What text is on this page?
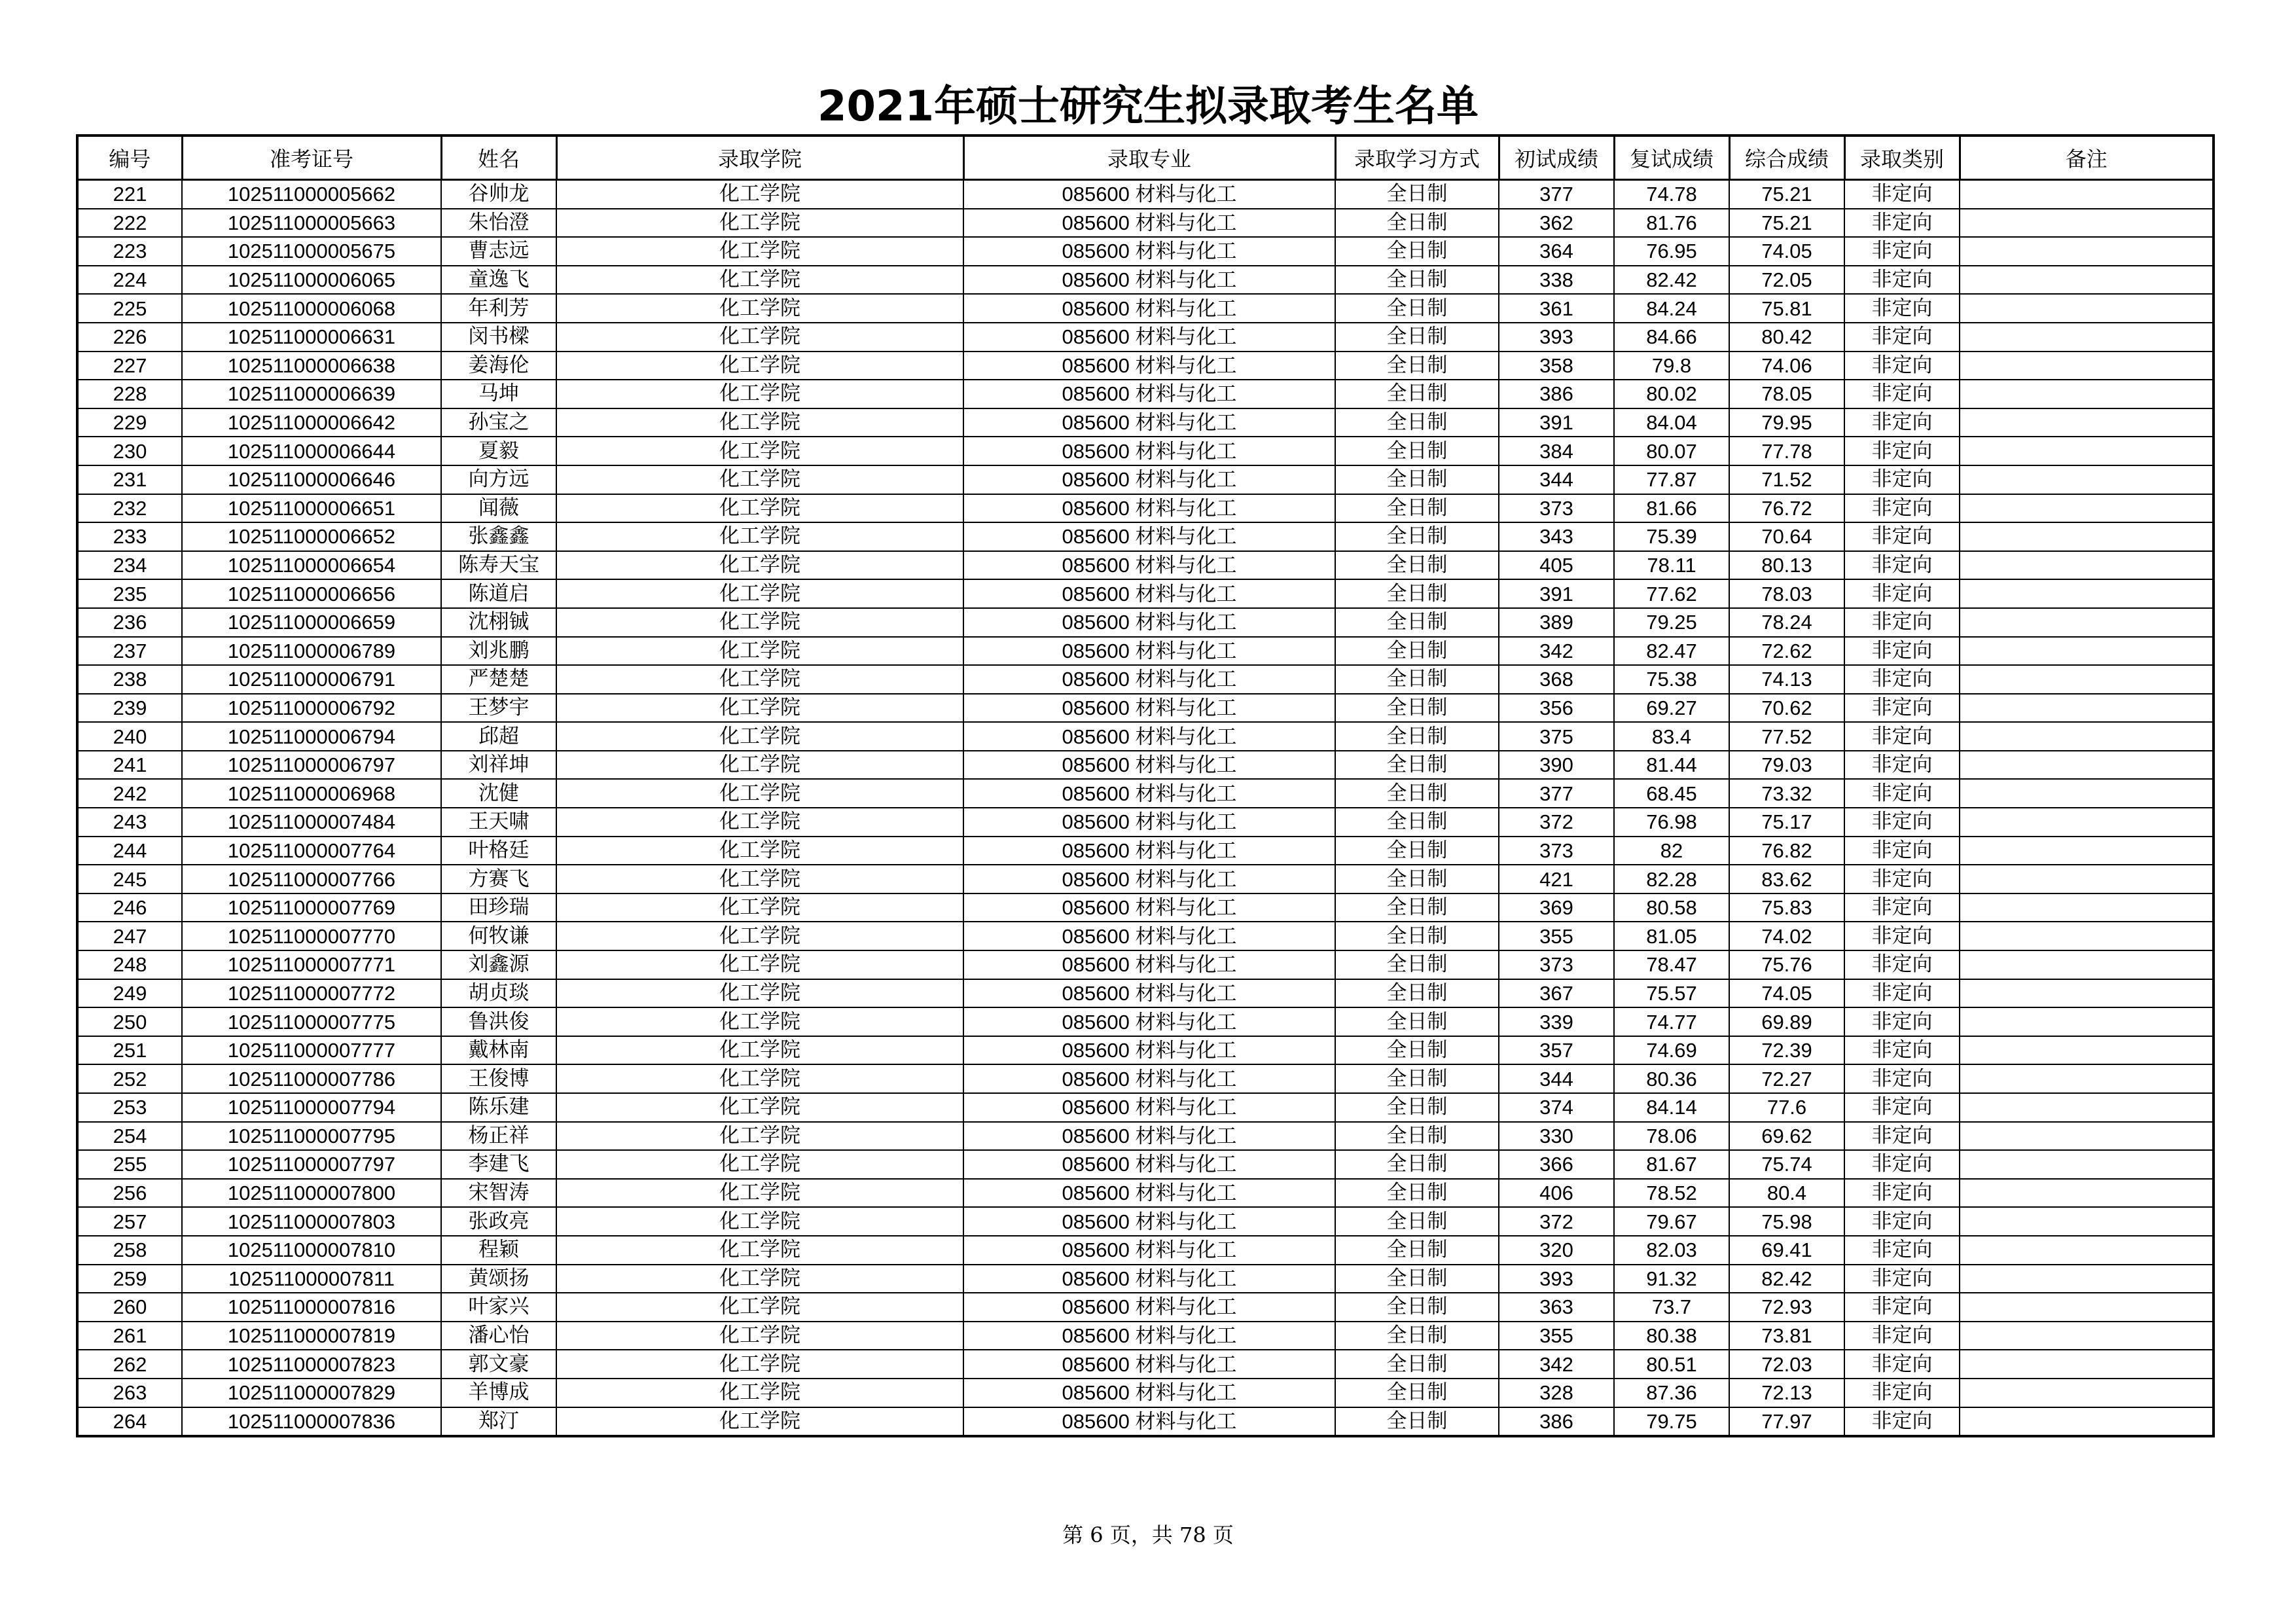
2021年硕士研究生拟录取考生名单
编号	准考证号	姓名	录取学院	录取专业	录取学习方式	初试成绩	复试成绩	综合成绩	录取类别	备注
221	102511000005662	谷帅龙	化工学院	085600 材料与化工	全日制	377	74.78	75.21	非定向	
222	102511000005663	朱怡澄	化工学院	085600 材料与化工	全日制	362	81.76	75.21	非定向	
223	102511000005675	曹志远	化工学院	085600 材料与化工	全日制	364	76.95	74.05	非定向	
224	102511000006065	童逸飞	化工学院	085600 材料与化工	全日制	338	82.42	72.05	非定向	
225	102511000006068	年利芳	化工学院	085600 材料与化工	全日制	361	84.24	75.81	非定向	
226	102511000006631	闵书樑	化工学院	085600 材料与化工	全日制	393	84.66	80.42	非定向	
227	102511000006638	姜海伦	化工学院	085600 材料与化工	全日制	358	79.8	74.06	非定向	
228	102511000006639	马坤	化工学院	085600 材料与化工	全日制	386	80.02	78.05	非定向	
229	102511000006642	孙宝之	化工学院	085600 材料与化工	全日制	391	84.04	79.95	非定向	
230	102511000006644	夏毅	化工学院	085600 材料与化工	全日制	384	80.07	77.78	非定向	
231	102511000006646	向方远	化工学院	085600 材料与化工	全日制	344	77.87	71.52	非定向	
232	102511000006651	闻薇	化工学院	085600 材料与化工	全日制	373	81.66	76.72	非定向	
233	102511000006652	张鑫鑫	化工学院	085600 材料与化工	全日制	343	75.39	70.64	非定向	
234	102511000006654	陈寿天宝	化工学院	085600 材料与化工	全日制	405	78.11	80.13	非定向	
235	102511000006656	陈道启	化工学院	085600 材料与化工	全日制	391	77.62	78.03	非定向	
236	102511000006659	沈栩铖	化工学院	085600 材料与化工	全日制	389	79.25	78.24	非定向	
237	102511000006789	刘兆鹏	化工学院	085600 材料与化工	全日制	342	82.47	72.62	非定向	
238	102511000006791	严楚楚	化工学院	085600 材料与化工	全日制	368	75.38	74.13	非定向	
239	102511000006792	王梦宇	化工学院	085600 材料与化工	全日制	356	69.27	70.62	非定向	
240	102511000006794	邱超	化工学院	085600 材料与化工	全日制	375	83.4	77.52	非定向	
241	102511000006797	刘祥坤	化工学院	085600 材料与化工	全日制	390	81.44	79.03	非定向	
242	102511000006968	沈健	化工学院	085600 材料与化工	全日制	377	68.45	73.32	非定向	
243	102511000007484	王天啸	化工学院	085600 材料与化工	全日制	372	76.98	75.17	非定向	
244	102511000007764	叶格廷	化工学院	085600 材料与化工	全日制	373	82	76.82	非定向	
245	102511000007766	方赛飞	化工学院	085600 材料与化工	全日制	421	82.28	83.62	非定向	
246	102511000007769	田珍瑞	化工学院	085600 材料与化工	全日制	369	80.58	75.83	非定向	
247	102511000007770	何牧谦	化工学院	085600 材料与化工	全日制	355	81.05	74.02	非定向	
248	102511000007771	刘鑫源	化工学院	085600 材料与化工	全日制	373	78.47	75.76	非定向	
249	102511000007772	胡贞琰	化工学院	085600 材料与化工	全日制	367	75.57	74.05	非定向	
250	102511000007775	鲁洪俊	化工学院	085600 材料与化工	全日制	339	74.77	69.89	非定向	
251	102511000007777	戴林南	化工学院	085600 材料与化工	全日制	357	74.69	72.39	非定向	
252	102511000007786	王俊博	化工学院	085600 材料与化工	全日制	344	80.36	72.27	非定向	
253	102511000007794	陈乐建	化工学院	085600 材料与化工	全日制	374	84.14	77.6	非定向	
254	102511000007795	杨正祥	化工学院	085600 材料与化工	全日制	330	78.06	69.62	非定向	
255	102511000007797	李建飞	化工学院	085600 材料与化工	全日制	366	81.67	75.74	非定向	
256	102511000007800	宋智涛	化工学院	085600 材料与化工	全日制	406	78.52	80.4	非定向	
257	102511000007803	张政亮	化工学院	085600 材料与化工	全日制	372	79.67	75.98	非定向	
258	102511000007810	程颖	化工学院	085600 材料与化工	全日制	320	82.03	69.41	非定向	
259	102511000007811	黄颂扬	化工学院	085600 材料与化工	全日制	393	91.32	82.42	非定向	
260	102511000007816	叶家兴	化工学院	085600 材料与化工	全日制	363	73.7	72.93	非定向	
261	102511000007819	潘心怡	化工学院	085600 材料与化工	全日制	355	80.38	73.81	非定向	
262	102511000007823	郭文豪	化工学院	085600 材料与化工	全日制	342	80.51	72.03	非定向	
263	102511000007829	羊博成	化工学院	085600 材料与化工	全日制	328	87.36	72.13	非定向	
264	102511000007836	郑汀	化工学院	085600 材料与化工	全日制	386	79.75	77.97	非定向	
第 6 页，共 78 页
